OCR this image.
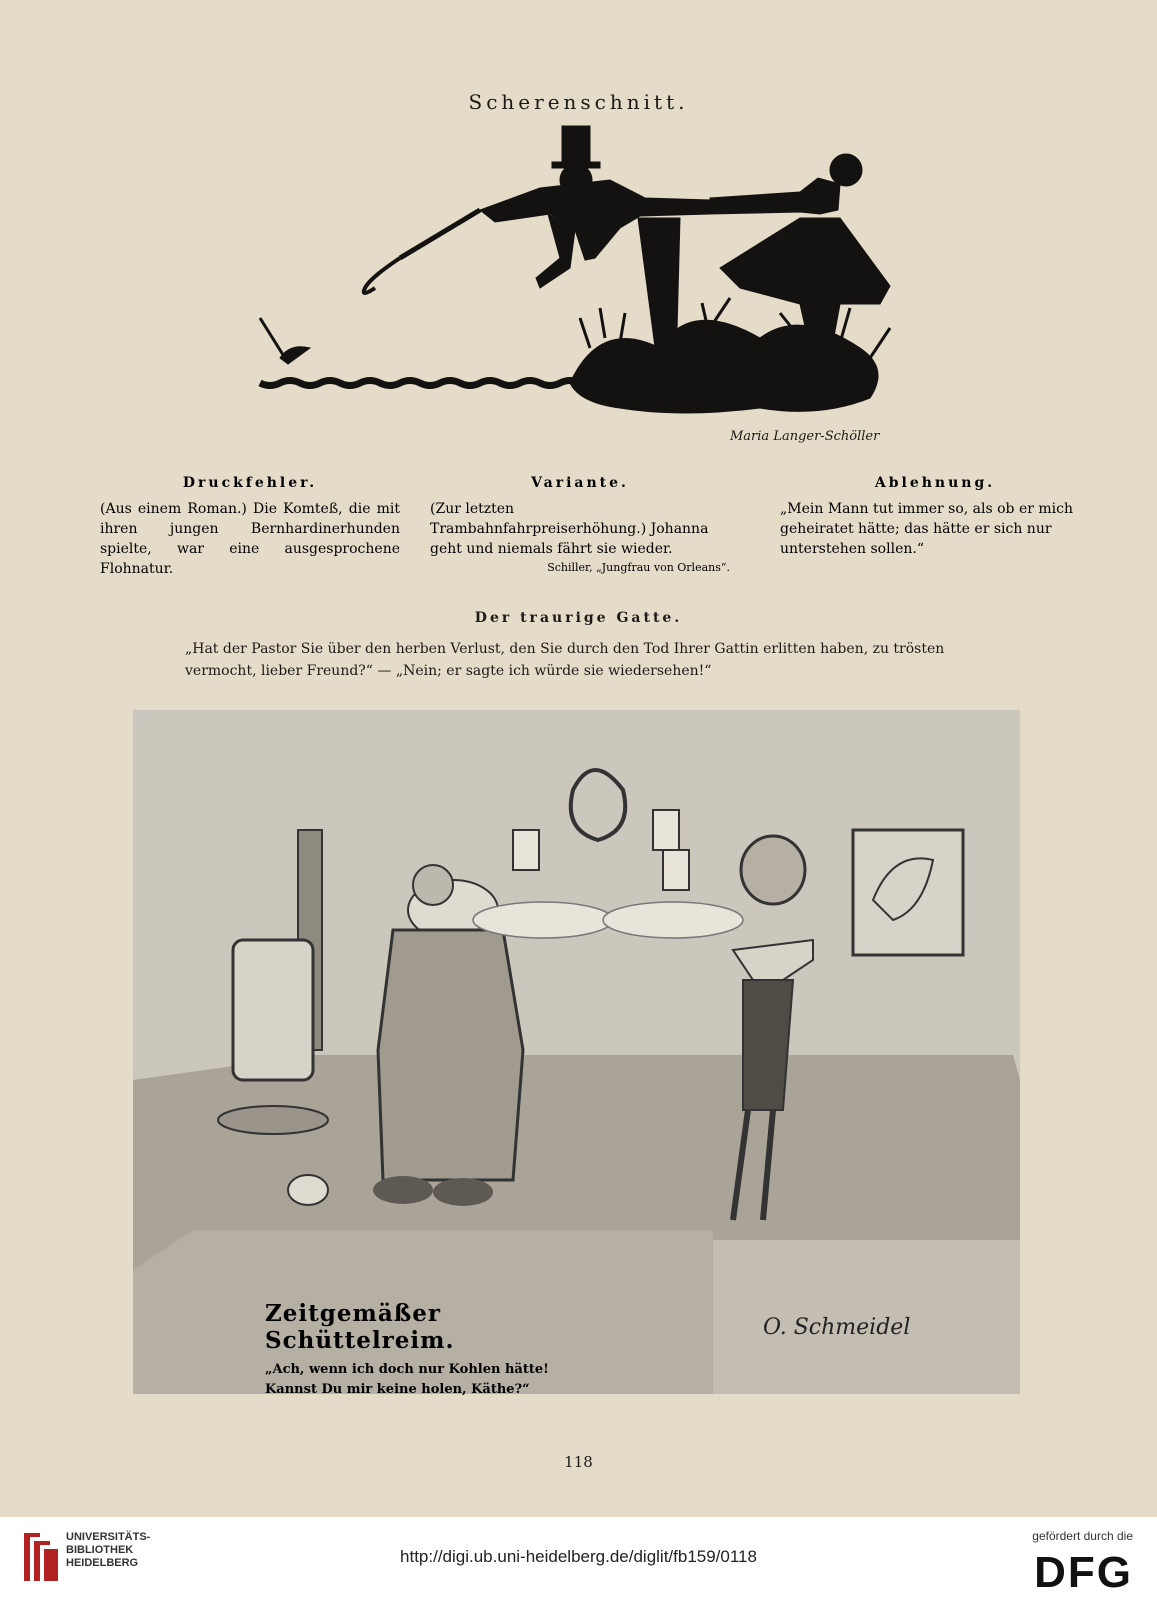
Scherenschnitt.
Maria Langer-Schöller
Druckfehler.
(Aus einem Roman.) Die Komteß, die mit ihren jungen Bernhardinerhunden spielte, war eine ausgesprochene Flohnatur.
Variante.
(Zur letzten Trambahnfahrpreiserhöhung.) Johanna geht und niemals fährt sie wieder.
Schiller, „Jungfrau von Orleans“.
Ablehnung.
„Mein Mann tut immer so, als ob er mich geheiratet hätte; das hätte er sich nur unterstehen sollen.“
Der traurige Gatte.
„Hat der Pastor Sie über den herben Verlust, den Sie durch den Tod Ihrer Gattin erlitten haben, zu trösten vermocht, lieber Freund?“ — „Nein; er sagte ich würde sie wiedersehen!“
O. Schmeidel
Zeitgemäßer Schüttelreim.
„Ach, wenn ich doch nur Kohlen hätte!
Kannst Du mir keine holen, Käthe?“
118
UNIVERSITÄTS-
BIBLIOTHEK
HEIDELBERG	http://digi.ub.uni-heidelberg.de/diglit/fb159/0118
gefördert durch die
DFG
